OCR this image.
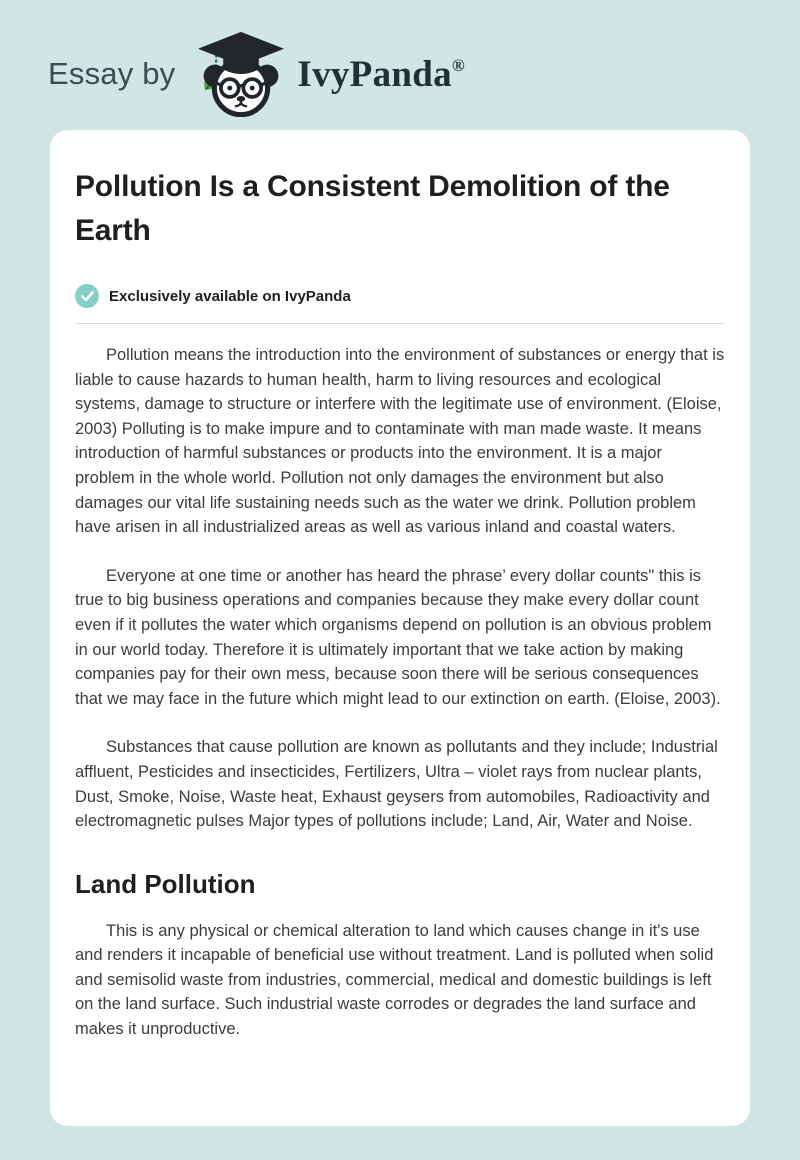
Essay by	IvyPanda ®
Pollution Is a Consistent Demolition of the Earth
Exclusively available on IvyPanda

Pollution means the introduction into the environment of substances or energy that is liable to cause hazards to human health, harm to living resources and ecological systems, damage to structure or interfere with the legitimate use of environment. (Eloise, 2003) Polluting is to make impure and to contaminate with man made waste. It means introduction of harmful substances or products into the environment. It is a major problem in the whole world. Pollution not only damages the environment but also damages our vital life sustaining needs such as the water we drink. Pollution problem have arisen in all industrialized areas as well as various inland and coastal waters.

Everyone at one time or another has heard the phrase’ every dollar counts" this is true to big business operations and companies because they make every dollar count even if it pollutes the water which organisms depend on pollution is an obvious problem in our world today. Therefore it is ultimately important that we take action by making companies pay for their own mess, because soon there will be serious consequences that we may face in the future which might lead to our extinction on earth. (Eloise, 2003).

Substances that cause pollution are known as pollutants and they include; Industrial affluent, Pesticides and insecticides, Fertilizers, Ultra – violet rays from nuclear plants, Dust, Smoke, Noise, Waste heat, Exhaust geysers from automobiles, Radioactivity and electromagnetic pulses Major types of pollutions include; Land, Air, Water and Noise.

Land Pollution

This is any physical or chemical alteration to land which causes change in it's use and renders it incapable of beneficial use without treatment. Land is polluted when solid and semisolid waste from industries, commercial, medical and domestic buildings is left on the land surface. Such industrial waste corrodes or degrades the land surface and makes it unproductive.
